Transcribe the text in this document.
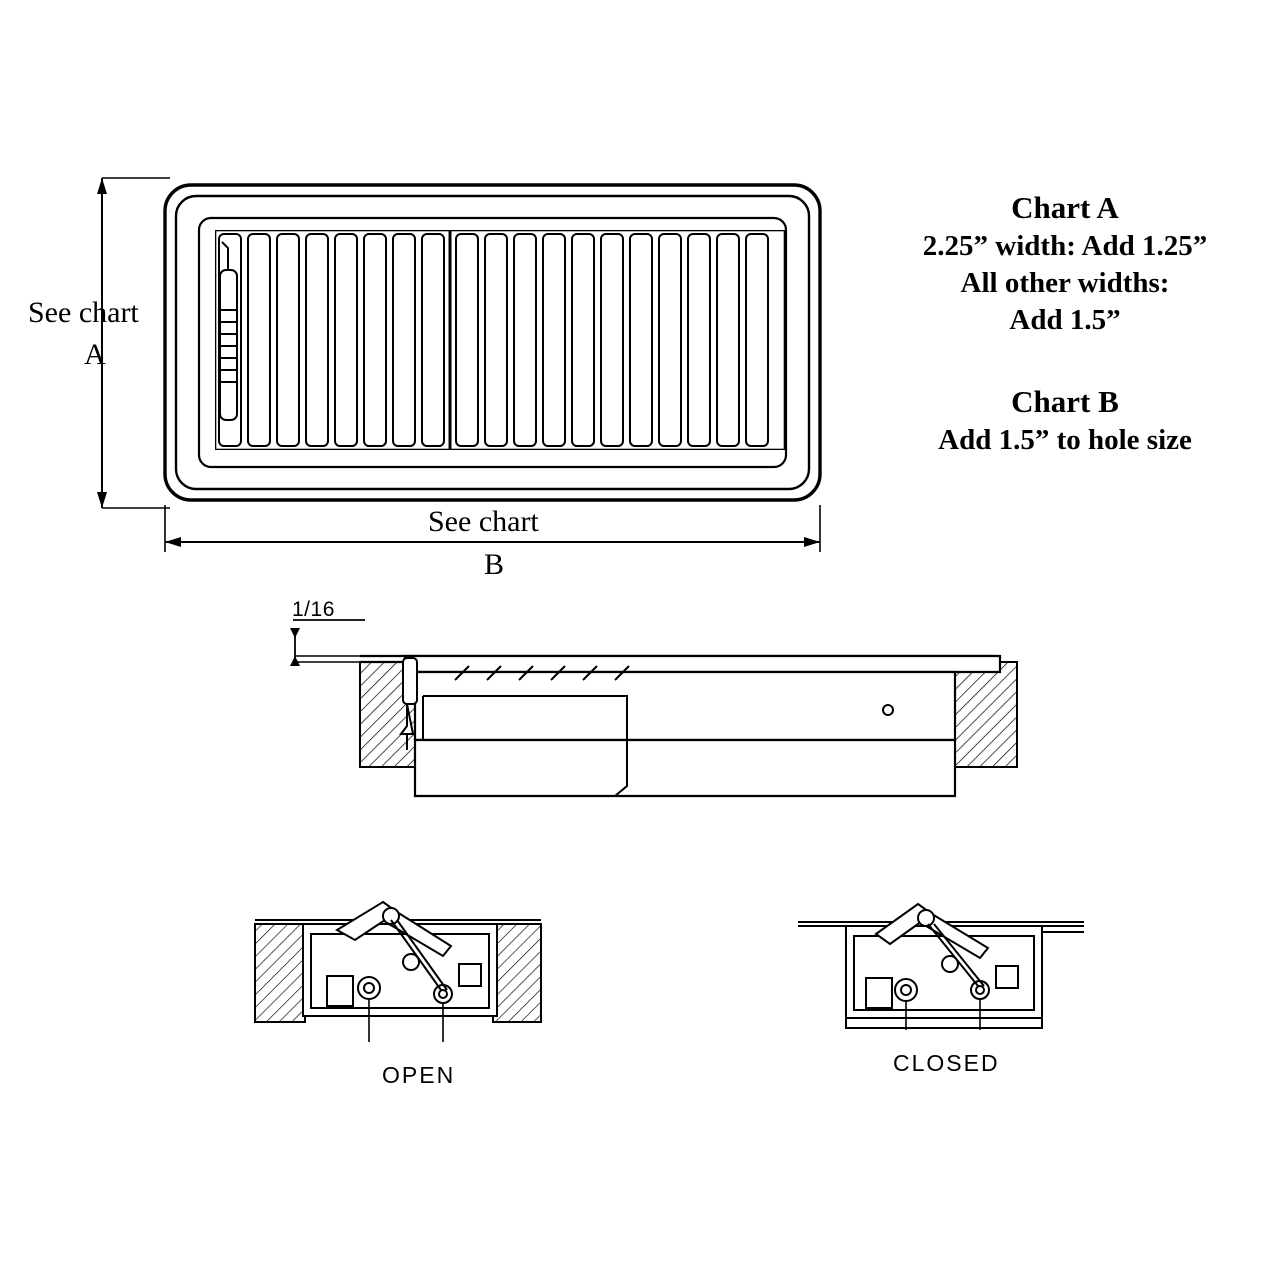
See chart
A
See chart
B
Chart A
2.25” width: Add 1.25”
All other widths:
Add 1.5”
Chart B
Add 1.5” to hole size
1/16
OPEN	CLOSED
